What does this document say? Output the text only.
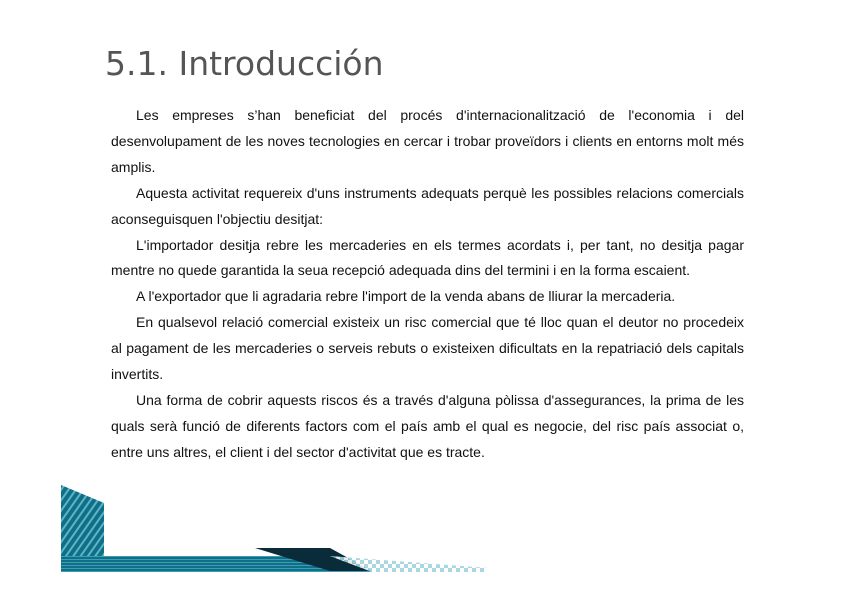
5.1. Introducción

Les empreses s’han beneficiat del procés d'internacionalització de l'economia i del desenvolupament de les noves tecnologies en cercar i trobar proveïdors i clients en entorns molt més amplis.

Aquesta activitat requereix d'uns instruments adequats perquè les possibles relacions comercials aconseguisquen l'objectiu desitjat:

L'importador desitja rebre les mercaderies en els termes acordats i, per tant, no desitja pagar mentre no quede garantida la seua recepció adequada dins del termini i en la forma escaient.

A l'exportador que li agradaria rebre l'import de la venda abans de lliurar la mercaderia.

En qualsevol relació comercial existeix un risc comercial que té lloc quan el deutor no procedeix al pagament de les mercaderies o serveis rebuts o existeixen dificultats en la repatriació dels capitals invertits.

Una forma de cobrir aquests riscos és a través d'alguna pòlissa d'assegurances, la prima de les quals serà funció de diferents factors com el país amb el qual es negocie, del risc país associat o, entre uns altres, el client i del sector d'activitat que es tracte.
